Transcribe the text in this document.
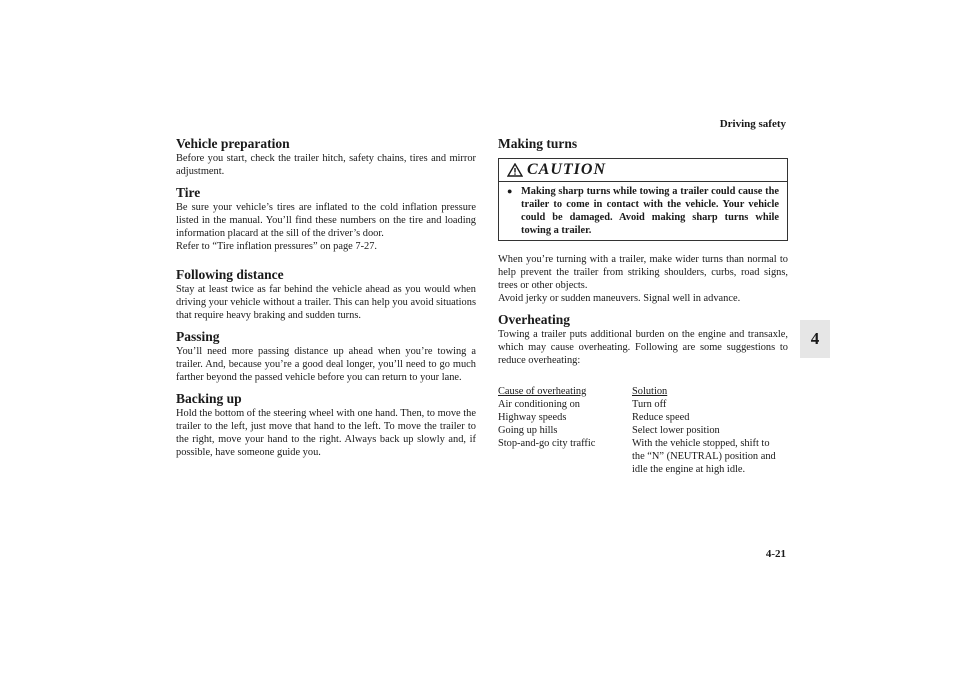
Driving safety
4
4-21
Vehicle preparation

Before you start, check the trailer hitch, safety chains, tires and mirror adjustment.

Tire

Be sure your vehicle’s tires are inflated to the cold inflation pressure listed in the manual. You’ll find these numbers on the tire and loading information placard at the sill of the driver’s door.

Refer to “Tire inflation pressures” on page 7-27.

Following distance

Stay at least twice as far behind the vehicle ahead as you would when driving your vehicle without a trailer. This can help you avoid situations that require heavy braking and sudden turns.

Passing

You’ll need more passing distance up ahead when you’re towing a trailer. And, because you’re a good deal longer, you’ll need to go much farther beyond the passed vehicle before you can return to your lane.

Backing up

Hold the bottom of the steering wheel with one hand. Then, to move the trailer to the left, just move that hand to the left. To move the trailer to the right, move your hand to the right. Always back up slowly and, if possible, have someone guide you.

Making turns
CAUTION
● Making sharp turns while towing a trailer could cause the trailer to come in contact with the vehicle. Your vehicle could be damaged. Avoid making sharp turns while towing a trailer.

When you’re turning with a trailer, make wider turns than normal to help prevent the trailer from striking shoulders, curbs, road signs, trees or other objects.

Avoid jerky or sudden maneuvers. Signal well in advance.

Overheating

Towing a trailer puts additional burden on the engine and transaxle, which may cause overheating. Following are some suggestions to reduce overheating:

Cause of overheating	Solution
Air conditioning on	Turn off
Highway speeds	Reduce speed
Going up hills	Select lower position
Stop-and-go city traffic	With the vehicle stopped, shift to the “N” (NEUTRAL) position and idle the engine at high idle.
